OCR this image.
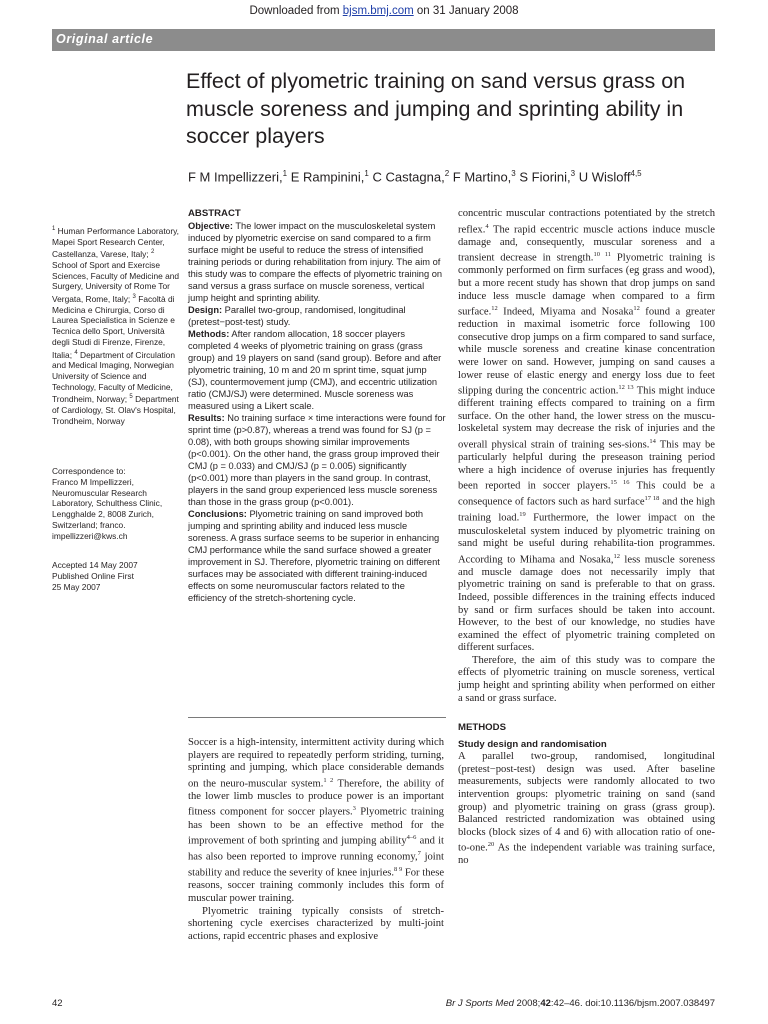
Downloaded from bjsm.bmj.com on 31 January 2008
Original article
Effect of plyometric training on sand versus grass on muscle soreness and jumping and sprinting ability in soccer players
F M Impellizzeri,$^1$ E Rampinini,$^1$ C Castagna,$^2$ F Martino,$^3$ S Fiorini,$^3$ U Wisloff$^{4,5}$
$^1$ Human Performance Laboratory, Mapei Sport Research Center, Castellanza, Varese, Italy; $^2$ School of Sport and Exercise Sciences, Faculty of Medicine and Surgery, University of Rome Tor Vergata, Rome, Italy; $^3$ Facoltà di Medicina e Chirurgia, Corso di Laurea Specialistica in Scienze e Tecnica dello Sport, Università degli Studi di Firenze, Firenze, Italia; $^4$ Department of Circulation and Medical Imaging, Norwegian University of Science and Technology, Faculty of Medicine, Trondheim, Norway; $^5$ Department of Cardiology, St. Olav's Hospital, Trondheim, Norway
Correspondence to:
Franco M Impellizzeri,
Neuromuscular Research
Laboratory, Schulthess Clinic,
Lengghalde 2, 8008 Zurich,
Switzerland; franco.
impellizzeri@kws.ch
Accepted 14 May 2007
Published Online First
25 May 2007
ABSTRACT

Objective: The lower impact on the musculoskeletal system induced by plyometric exercise on sand compared to a firm surface might be useful to reduce the stress of intensified training periods or during rehabilitation from injury. The aim of this study was to compare the effects of plyometric training on sand versus a grass surface on muscle soreness, vertical jump height and sprinting ability.

Design: Parallel two-group, randomised, longitudinal (pretest−post-test) study.

Methods: After random allocation, 18 soccer players completed 4 weeks of plyometric training on grass (grass group) and 19 players on sand (sand group). Before and after plyometric training, 10 m and 20 m sprint time, squat jump (SJ), countermovement jump (CMJ), and eccentric utilization ratio (CMJ/SJ) were determined. Muscle soreness was measured using a Likert scale.

Results: No training surface × time interactions were found for sprint time (p>0.87), whereas a trend was found for SJ (p = 0.08), with both groups showing similar improvements (p<0.001). On the other hand, the grass group improved their CMJ (p = 0.033) and CMJ/SJ (p = 0.005) significantly (p<0.001) more than players in the sand group. In contrast, players in the sand group experienced less muscle soreness than those in the grass group (p<0.001).

Conclusions: Plyometric training on sand improved both jumping and sprinting ability and induced less muscle soreness. A grass surface seems to be superior in enhancing CMJ performance while the sand surface showed a greater improvement in SJ. Therefore, plyometric training on different surfaces may be associated with different training-induced effects on some neuromuscular factors related to the efficiency of the stretch-shortening cycle.

Soccer is a high-intensity, intermittent activity during which players are required to repeatedly perform striding, turning, sprinting and jumping, which place considerable demands on the neuro-muscular system.$^{1 2}$ Therefore, the ability of the lower limb muscles to produce power is an important fitness component for soccer players.$^3$ Plyometric training has been shown to be an effective method for the improvement of both sprinting and jumping ability$^{4-6}$ and it has also been reported to improve running economy,$^7$ joint stability and reduce the severity of knee injuries.$^{8 9}$ For these reasons, soccer training commonly includes this form of muscular power training.

Plyometric training typically consists of stretch-shortening cycle exercises characterized by multi-joint actions, rapid eccentric phases and explosive

concentric muscular contractions potentiated by the stretch reflex.$^4$ The rapid eccentric muscle actions induce muscle damage and, consequently, muscular soreness and a transient decrease in strength.$^{10 11}$ Plyometric training is commonly performed on firm surfaces (eg grass and wood), but a more recent study has shown that drop jumps on sand induce less muscle damage when compared to a firm surface.$^{12}$ Indeed, Miyama and Nosaka$^{12}$ found a greater reduction in maximal isometric force following 100 consecutive drop jumps on a firm compared to sand surface, while muscle soreness and creatine kinase concentration were lower on sand. However, jumping on sand causes a lower reuse of elastic energy and energy loss due to feet slipping during the concentric action.$^{12 13}$ This might induce different training effects compared to training on a firm surface. On the other hand, the lower stress on the muscu-loskeletal system may decrease the risk of injuries and the overall physical strain of training ses-sions.$^{14}$ This may be particularly helpful during the preseason training period where a high incidence of overuse injuries has frequently been reported in soccer players.$^{15 16}$ This could be a consequence of factors such as hard surface$^{17 18}$ and the high training load.$^{19}$ Furthermore, the lower impact on the musculoskeletal system induced by plyometric training on sand might be useful during rehabilita-tion programmes. According to Mihama and Nosaka,$^{12}$ less muscle soreness and muscle damage does not necessarily imply that plyometric training on sand is preferable to that on grass. Indeed, possible differences in the training effects induced by sand or firm surfaces should be taken into account. However, to the best of our knowledge, no studies have examined the effect of plyometric training completed on different surfaces.

Therefore, the aim of this study was to compare the effects of plyometric training on muscle soreness, vertical jump height and sprinting ability when performed on either a sand or grass surface.

METHODS
Study design and randomisation

A parallel two-group, randomised, longitudinal (pretest−post-test) design was used. After baseline measurements, subjects were randomly allocated to two intervention groups: plyometric training on sand (sand group) and plyometric training on grass (grass group). Balanced restricted randomization was obtained using blocks (block sizes of 4 and 6) with allocation ratio of one-to-one.$^{20}$ As the independent variable was training surface, no

42	Br J Sports Med 2008;42:42–46. doi:10.1136/bjsm.2007.038497
